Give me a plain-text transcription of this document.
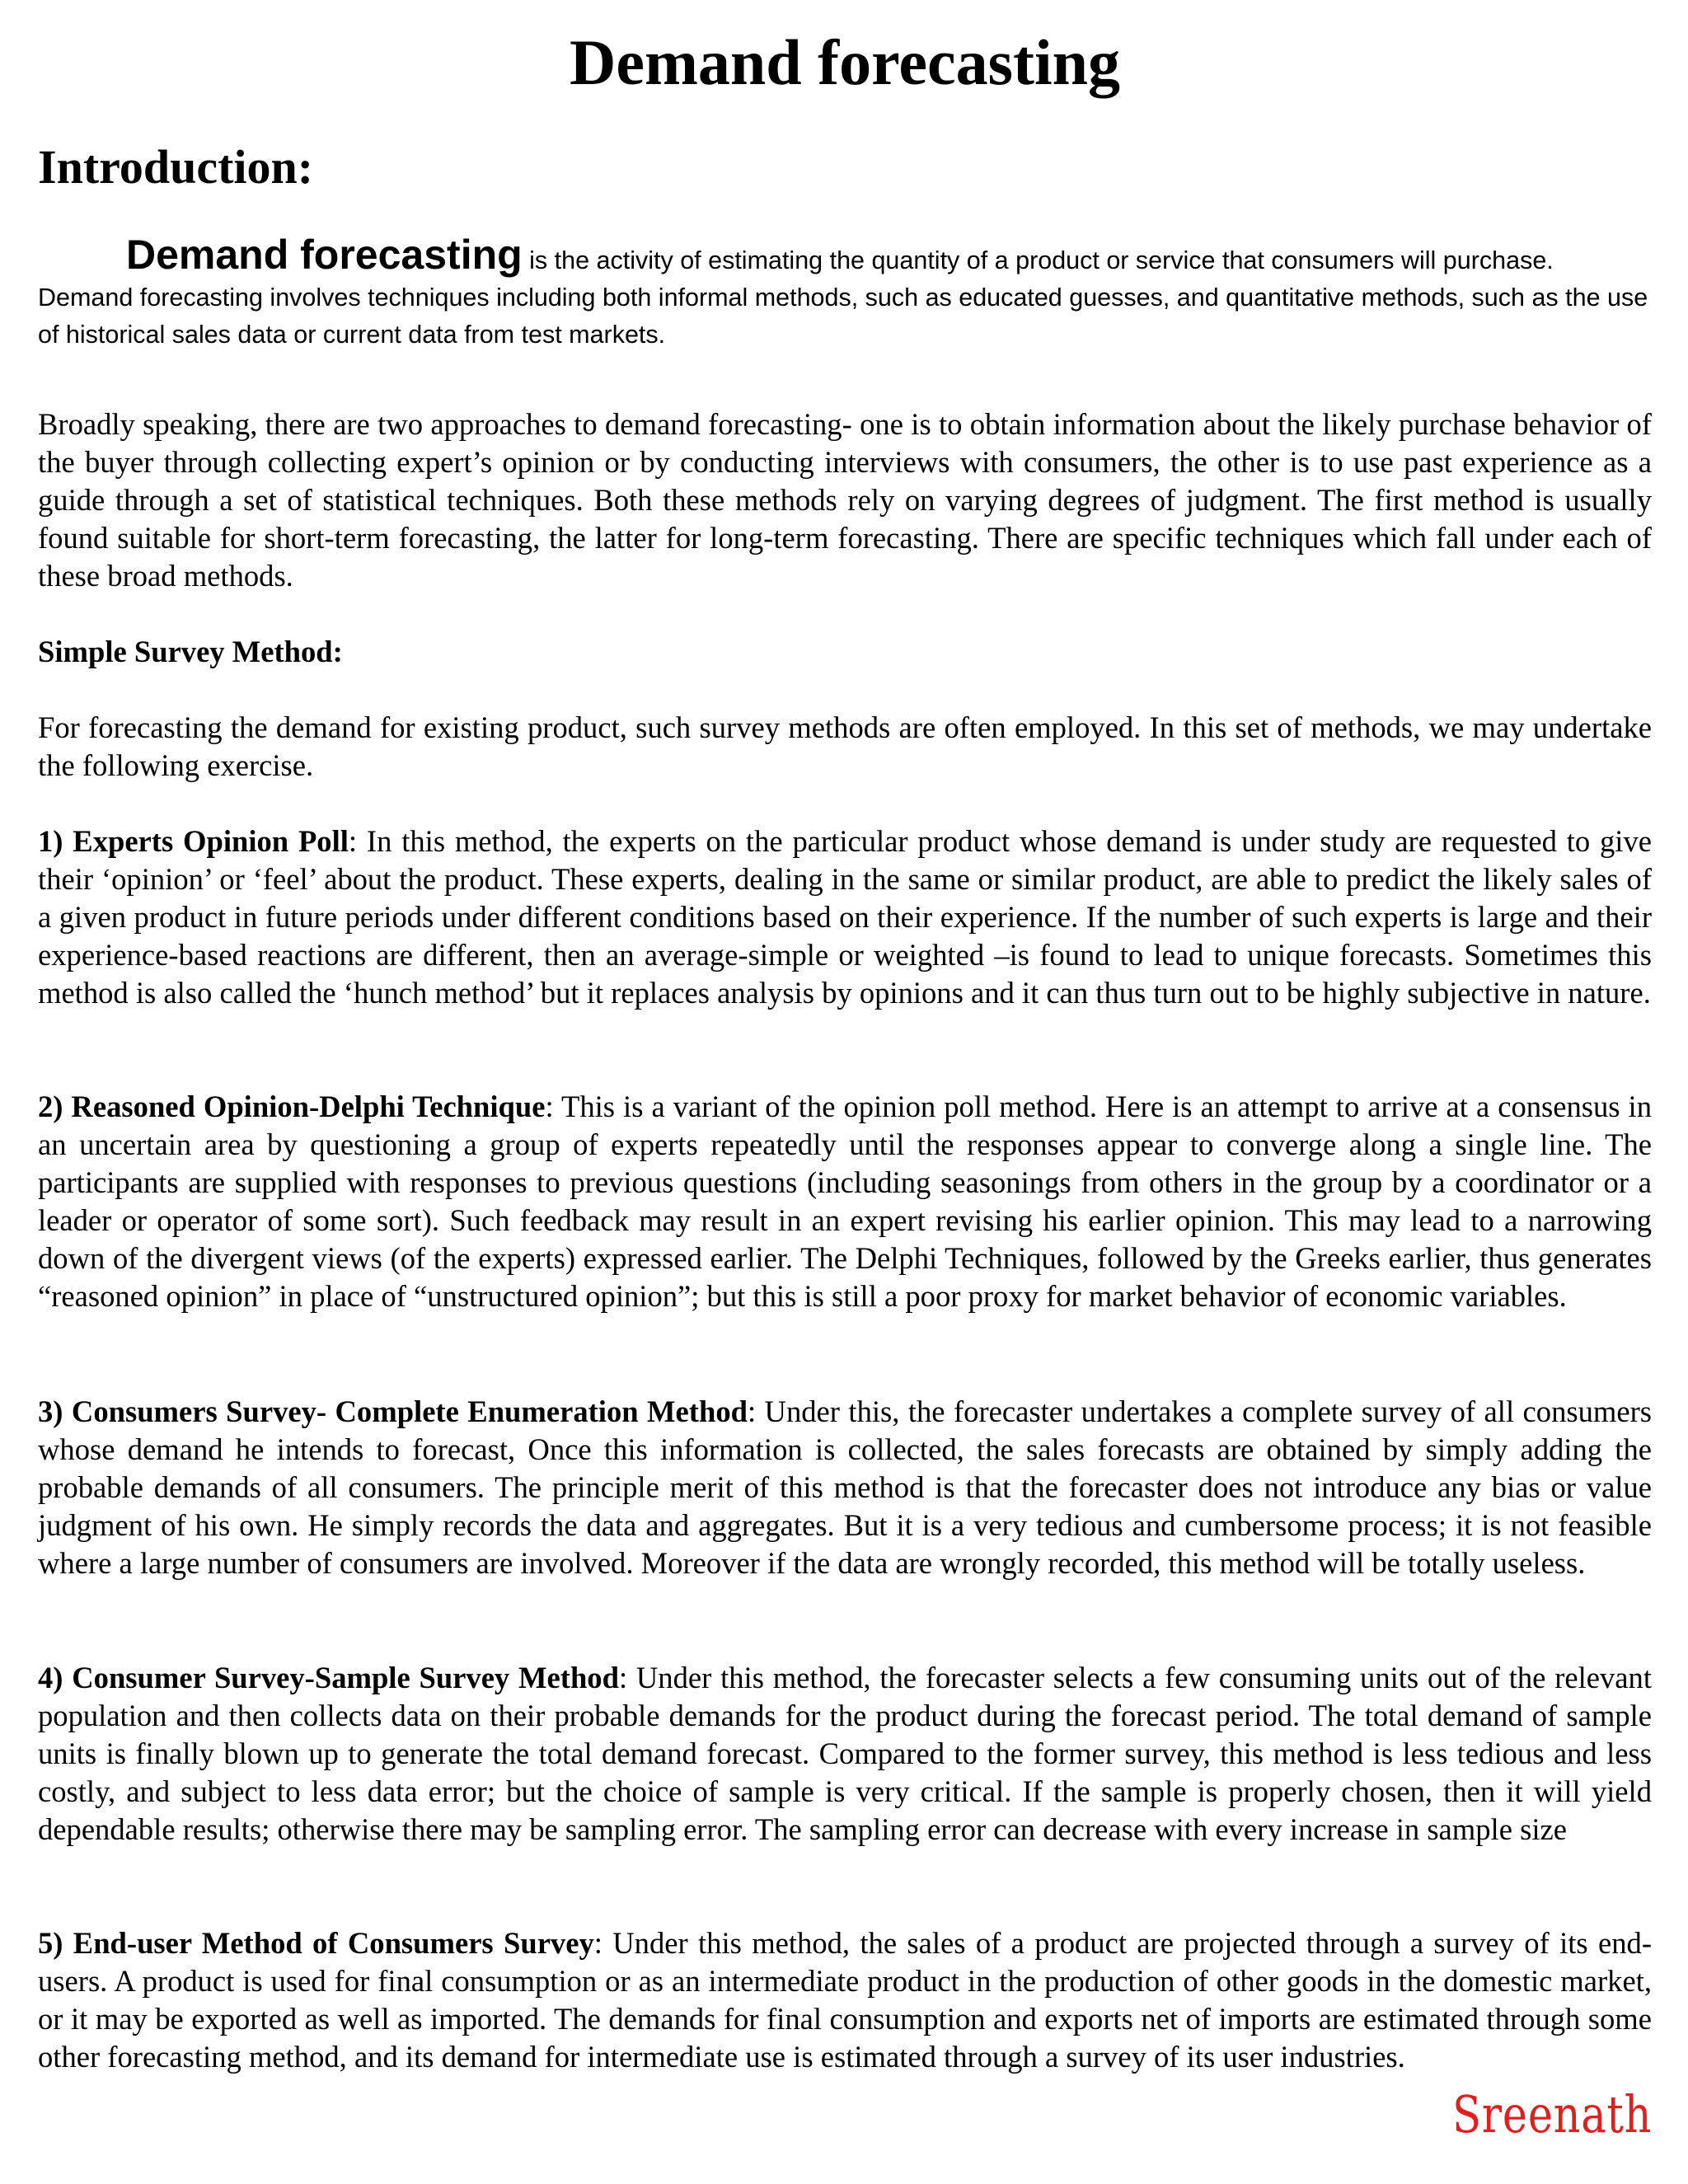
Demand forecasting
Introduction:

Demand forecasting is the activity of estimating the quantity of a product or service that consumers will purchase. Demand forecasting involves techniques including both informal methods, such as educated guesses, and quantitative methods, such as the use of historical sales data or current data from test markets.

Broadly speaking, there are two approaches to demand forecasting- one is to obtain information about the likely purchase behavior of the buyer through collecting expert’s opinion or by conducting interviews with consumers, the other is to use past experience as a guide through a set of statistical techniques. Both these methods rely on varying degrees of judgment. The first method is usually found suitable for short-term forecasting, the latter for long-term forecasting. There are specific techniques which fall under each of these broad methods.

Simple Survey Method:

For forecasting the demand for existing product, such survey methods are often employed. In this set of methods, we may undertake the following exercise.

1) Experts Opinion Poll: In this method, the experts on the particular product whose demand is under study are requested to give their ‘opinion’ or ‘feel’ about the product. These experts, dealing in the same or similar product, are able to predict the likely sales of a given product in future periods under different conditions based on their experience. If the number of such experts is large and their experience-based reactions are different, then an average-simple or weighted –is found to lead to unique forecasts. Sometimes this method is also called the ‘hunch method’ but it replaces analysis by opinions and it can thus turn out to be highly subjective in nature.

2) Reasoned Opinion-Delphi Technique: This is a variant of the opinion poll method. Here is an attempt to arrive at a consensus in an uncertain area by questioning a group of experts repeatedly until the responses appear to converge along a single line. The participants are supplied with responses to previous questions (including seasonings from others in the group by a coordinator or a leader or operator of some sort). Such feedback may result in an expert revising his earlier opinion. This may lead to a narrowing down of the divergent views (of the experts) expressed earlier. The Delphi Techniques, followed by the Greeks earlier, thus generates “reasoned opinion” in place of “unstructured opinion”; but this is still a poor proxy for market behavior of economic variables.

3) Consumers Survey- Complete Enumeration Method: Under this, the forecaster undertakes a complete survey of all consumers whose demand he intends to forecast, Once this information is collected, the sales forecasts are obtained by simply adding the probable demands of all consumers. The principle merit of this method is that the forecaster does not introduce any bias or value judgment of his own. He simply records the data and aggregates. But it is a very tedious and cumbersome process; it is not feasible where a large number of consumers are involved. Moreover if the data are wrongly recorded, this method will be totally useless.

4) Consumer Survey-Sample Survey Method: Under this method, the forecaster selects a few consuming units out of the relevant population and then collects data on their probable demands for the product during the forecast period. The total demand of sample units is finally blown up to generate the total demand forecast. Compared to the former survey, this method is less tedious and less costly, and subject to less data error; but the choice of sample is very critical. If the sample is properly chosen, then it will yield dependable results; otherwise there may be sampling error. The sampling error can decrease with every increase in sample size

5) End-user Method of Consumers Survey: Under this method, the sales of a product are projected through a survey of its end-users. A product is used for final consumption or as an intermediate product in the production of other goods in the domestic market, or it may be exported as well as imported. The demands for final consumption and exports net of imports are estimated through some other forecasting method, and its demand for intermediate use is estimated through a survey of its user industries.

Sreenath
